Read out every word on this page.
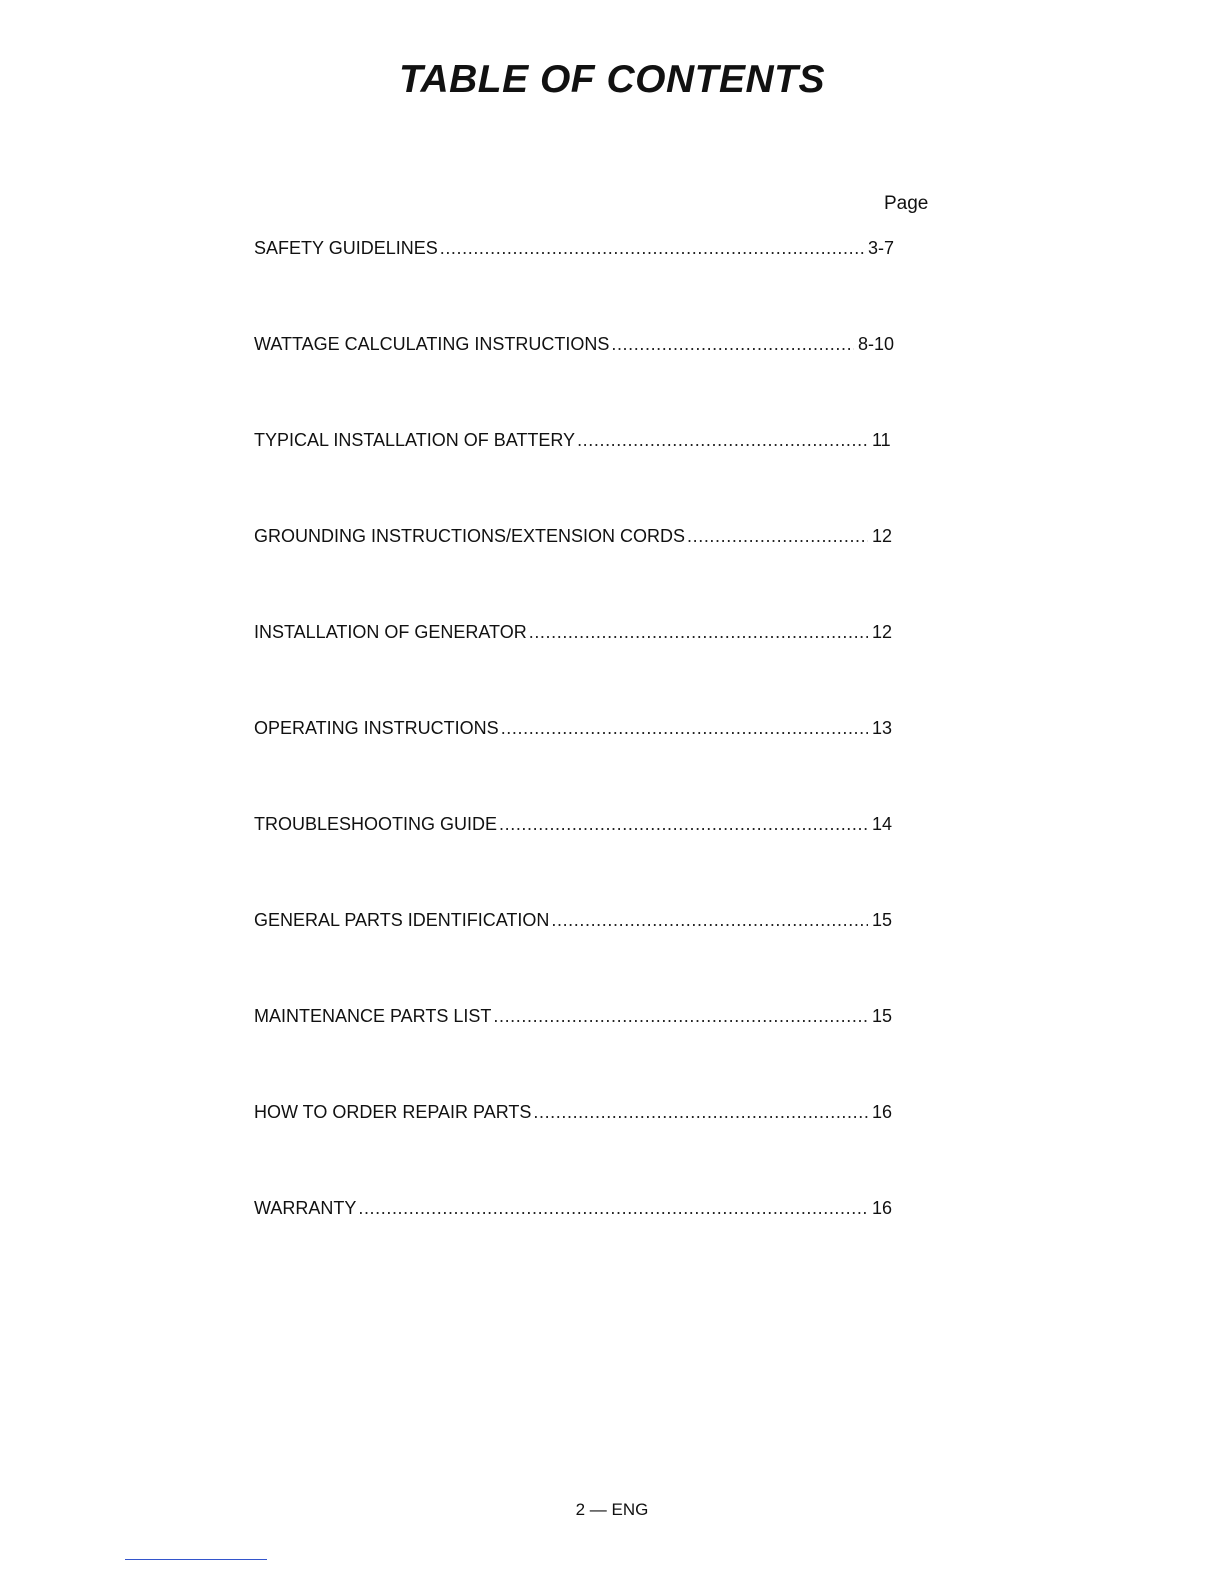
TABLE OF CONTENTS
Page
SAFETY GUIDELINES .....	3-7
WATTAGE CALCULATING INSTRUCTIONS .....	8-10
TYPICAL INSTALLATION OF BATTERY .....	11
GROUNDING INSTRUCTIONS/EXTENSION CORDS .....	12
INSTALLATION OF GENERATOR .....	12
OPERATING INSTRUCTIONS .....	13
TROUBLESHOOTING GUIDE .....	14
GENERAL PARTS IDENTIFICATION .....	15
MAINTENANCE PARTS LIST .....	15
HOW TO ORDER REPAIR PARTS .....	16
WARRANTY .....	16
2 — ENG
